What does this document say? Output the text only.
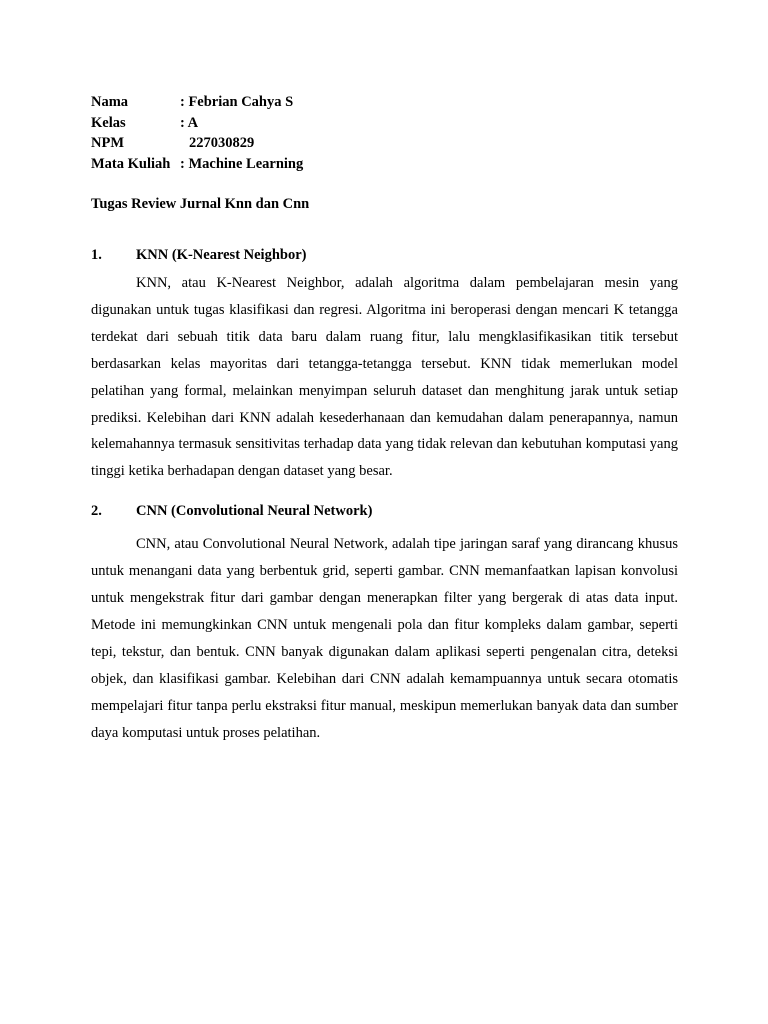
Nama	: Febrian Cahya S
Kelas	: A
NPM	227030829
Mata Kuliah : Machine Learning
Tugas Review Jurnal Knn dan Cnn
1.	KNN (K-Nearest Neighbor)

KNN, atau K-Nearest Neighbor, adalah algoritma dalam pembelajaran mesin yang digunakan untuk tugas klasifikasi dan regresi. Algoritma ini beroperasi dengan mencari K tetangga terdekat dari sebuah titik data baru dalam ruang fitur, lalu mengklasifikasikan titik tersebut berdasarkan kelas mayoritas dari tetangga-tetangga tersebut. KNN tidak memerlukan model pelatihan yang formal, melainkan menyimpan seluruh dataset dan menghitung jarak untuk setiap prediksi. Kelebihan dari KNN adalah kesederhanaan dan kemudahan dalam penerapannya, namun kelemahannya termasuk sensitivitas terhadap data yang tidak relevan dan kebutuhan komputasi yang tinggi ketika berhadapan dengan dataset yang besar.

2.	CNN (Convolutional Neural Network)

CNN, atau Convolutional Neural Network, adalah tipe jaringan saraf yang dirancang khusus untuk menangani data yang berbentuk grid, seperti gambar. CNN memanfaatkan lapisan konvolusi untuk mengekstrak fitur dari gambar dengan menerapkan filter yang bergerak di atas data input. Metode ini memungkinkan CNN untuk mengenali pola dan fitur kompleks dalam gambar, seperti tepi, tekstur, dan bentuk. CNN banyak digunakan dalam aplikasi seperti pengenalan citra, deteksi objek, dan klasifikasi gambar. Kelebihan dari CNN adalah kemampuannya untuk secara otomatis mempelajari fitur tanpa perlu ekstraksi fitur manual, meskipun memerlukan banyak data dan sumber daya komputasi untuk proses pelatihan.
